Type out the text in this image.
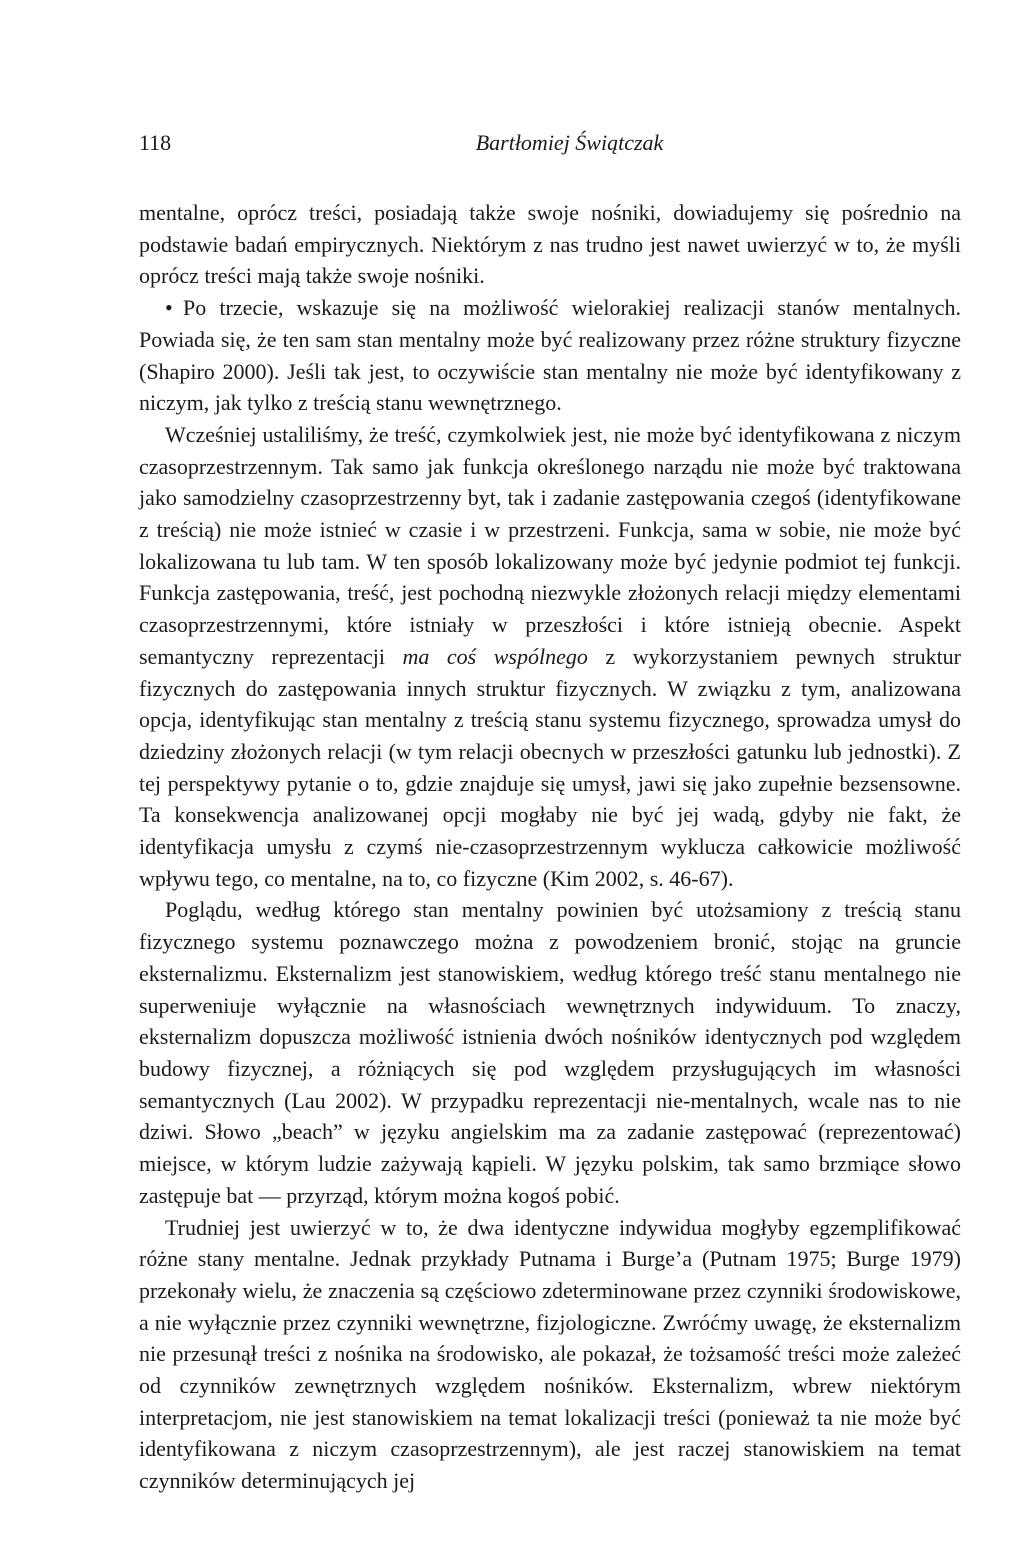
118	Bartłomiej Świątczak

mentalne, oprócz treści, posiadają także swoje nośniki, dowiadujemy się pośrednio na podstawie badań empirycznych. Niektórym z nas trudno jest nawet uwierzyć w to, że myśli oprócz treści mają także swoje nośniki.

• Po trzecie, wskazuje się na możliwość wielorakiej realizacji stanów mentalnych. Powiada się, że ten sam stan mentalny może być realizowany przez różne struktury fizyczne (Shapiro 2000). Jeśli tak jest, to oczywiście stan mentalny nie może być identyfikowany z niczym, jak tylko z treścią stanu wewnętrznego.

Wcześniej ustaliliśmy, że treść, czymkolwiek jest, nie może być identyfikowana z niczym czasoprzestrzennym. Tak samo jak funkcja określonego narządu nie może być traktowana jako samodzielny czasoprzestrzenny byt, tak i zadanie zastępowania czegoś (identyfikowane z treścią) nie może istnieć w czasie i w przestrzeni. Funkcja, sama w sobie, nie może być lokalizowana tu lub tam. W ten sposób lokalizowany może być jedynie podmiot tej funkcji. Funkcja zastępowania, treść, jest pochodną niezwykle złożonych relacji między elementami czasoprzestrzennymi, które istniały w przeszłości i które istnieją obecnie. Aspekt semantyczny reprezentacji ma coś wspólnego z wykorzystaniem pewnych struktur fizycznych do zastępowania innych struktur fizycznych. W związku z tym, analizowana opcja, identyfikując stan mentalny z treścią stanu systemu fizycznego, sprowadza umysł do dziedziny złożonych relacji (w tym relacji obecnych w przeszłości gatunku lub jednostki). Z tej perspektywy pytanie o to, gdzie znajduje się umysł, jawi się jako zupełnie bezsensowne. Ta konsekwencja analizowanej opcji mogłaby nie być jej wadą, gdyby nie fakt, że identyfikacja umysłu z czymś nie-czasoprzestrzennym wyklucza całkowicie możliwość wpływu tego, co mentalne, na to, co fizyczne (Kim 2002, s. 46-67).

Poglądu, według którego stan mentalny powinien być utożsamiony z treścią stanu fizycznego systemu poznawczego można z powodzeniem bronić, stojąc na gruncie eksternalizmu. Eksternalizm jest stanowiskiem, według którego treść stanu mentalnego nie superweniuje wyłącznie na własnościach wewnętrznych indywiduum. To znaczy, eksternalizm dopuszcza możliwość istnienia dwóch nośników identycznych pod względem budowy fizycznej, a różniących się pod względem przysługujących im własności semantycznych (Lau 2002). W przypadku reprezentacji nie-mentalnych, wcale nas to nie dziwi. Słowo „beach” w języku angielskim ma za zadanie zastępować (reprezentować) miejsce, w którym ludzie zażywają kąpieli. W języku polskim, tak samo brzmiące słowo zastępuje bat — przyrząd, którym można kogoś pobić.

Trudniej jest uwierzyć w to, że dwa identyczne indywidua mogłyby egzemplifikować różne stany mentalne. Jednak przykłady Putnama i Burge’a (Putnam 1975; Burge 1979) przekonały wielu, że znaczenia są częściowo zdeterminowane przez czynniki środowiskowe, a nie wyłącznie przez czynniki wewnętrzne, fizjologiczne. Zwróćmy uwagę, że eksternalizm nie przesunął treści z nośnika na środowisko, ale pokazał, że tożsamość treści może zależeć od czynników zewnętrznych względem nośników. Eksternalizm, wbrew niektórym interpretacjom, nie jest stanowiskiem na temat lokalizacji treści (ponieważ ta nie może być identyfikowana z niczym czasoprzestrzennym), ale jest raczej stanowiskiem na temat czynników determinujących jej
